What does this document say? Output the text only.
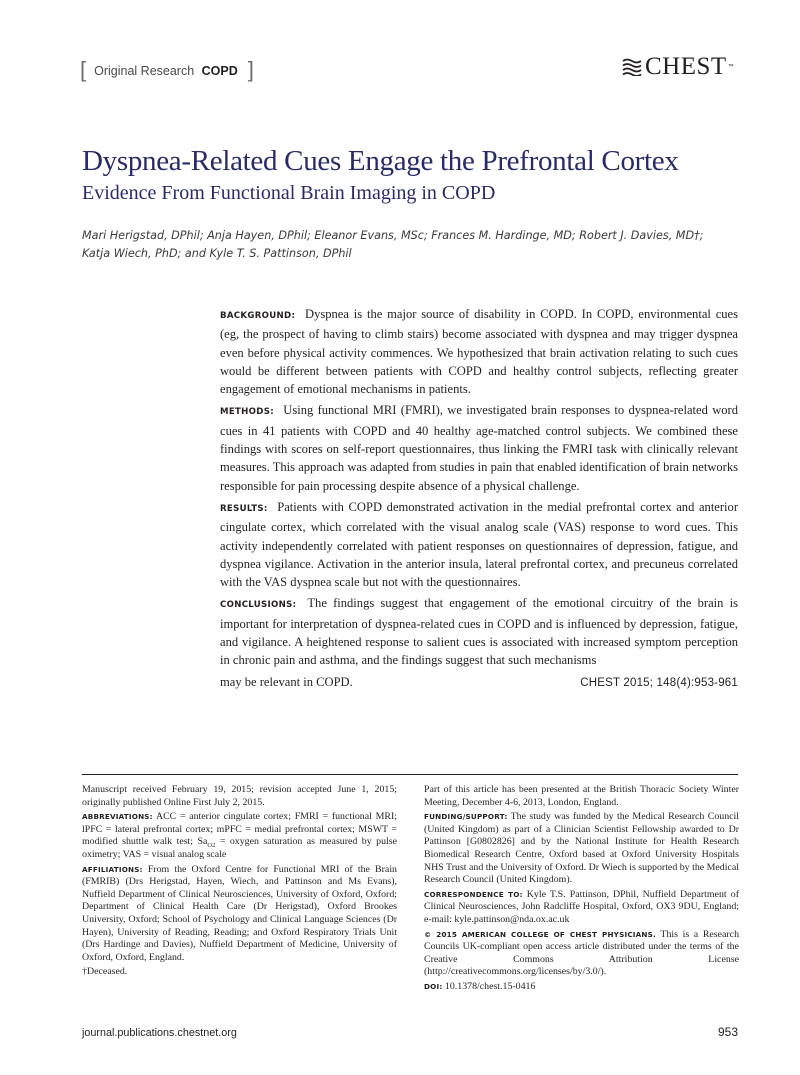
[ Original Research COPD ]	CHEST ™
Dyspnea-Related Cues Engage the Prefrontal Cortex
Evidence From Functional Brain Imaging in COPD
Mari Herigstad, DPhil; Anja Hayen, DPhil; Eleanor Evans, MSc; Frances M. Hardinge, MD; Robert J. Davies, MD†;
Katja Wiech, PhD; and Kyle T. S. Pattinson, DPhil

BACKGROUND: Dyspnea is the major source of disability in COPD. In COPD, environmental cues (eg, the prospect of having to climb stairs) become associated with dyspnea and may trigger dyspnea even before physical activity commences. We hypothesized that brain activation relating to such cues would be different between patients with COPD and healthy control subjects, reflecting greater engagement of emotional mechanisms in patients.

METHODS: Using functional MRI (FMRI), we investigated brain responses to dyspnea-related word cues in 41 patients with COPD and 40 healthy age-matched control subjects. We combined these findings with scores on self-report questionnaires, thus linking the FMRI task with clinically relevant measures. This approach was adapted from studies in pain that enabled identification of brain networks responsible for pain processing despite absence of a physical challenge.

RESULTS: Patients with COPD demonstrated activation in the medial prefrontal cortex and anterior cingulate cortex, which correlated with the visual analog scale (VAS) response to word cues. This activity independently correlated with patient responses on questionnaires of depression, fatigue, and dyspnea vigilance. Activation in the anterior insula, lateral prefrontal cortex, and precuneus correlated with the VAS dyspnea scale but not with the questionnaires.

CONCLUSIONS: The findings suggest that engagement of the emotional circuitry of the brain is important for interpretation of dyspnea-related cues in COPD and is influenced by depression, fatigue, and vigilance. A heightened response to salient cues is associated with increased symptom perception in chronic pain and asthma, and the findings suggest that such mechanisms

may be relevant in COPD.	CHEST 2015; 148(4):953-961

Manuscript received February 19, 2015; revision accepted June 1, 2015; originally published Online First July 2, 2015.

ABBREVIATIONS: ACC = anterior cingulate cortex; FMRI = functional MRI; lPFC = lateral prefrontal cortex; mPFC = medial prefrontal cortex; MSWT = modified shuttle walk test; $Sa_{O2}$ = oxygen saturation as measured by pulse oximetry; VAS = visual analog scale

AFFILIATIONS: From the Oxford Centre for Functional MRI of the Brain (FMRIB) (Drs Herigstad, Hayen, Wiech, and Pattinson and Ms Evans), Nuffield Department of Clinical Neurosciences, University of Oxford, Oxford; Department of Clinical Health Care (Dr Herigstad), Oxford Brookes University, Oxford; School of Psychology and Clinical Language Sciences (Dr Hayen), University of Reading, Reading; and Oxford Respiratory Trials Unit (Drs Hardinge and Davies), Nuffield Department of Medicine, University of Oxford, Oxford, England.

†Deceased.

Part of this article has been presented at the British Thoracic Society Winter Meeting, December 4-6, 2013, London, England.

FUNDING/SUPPORT: The study was funded by the Medical Research Council (United Kingdom) as part of a Clinician Scientist Fellowship awarded to Dr Pattinson [G0802826] and by the National Institute for Health Research Biomedical Research Centre, Oxford based at Oxford University Hospitals NHS Trust and the University of Oxford. Dr Wiech is supported by the Medical Research Council (United Kingdom).

CORRESPONDENCE TO: Kyle T.S. Pattinson, DPhil, Nuffield Department of Clinical Neurosciences, John Radcliffe Hospital, Oxford, OX3 9DU, England; e-mail: kyle.pattinson@nda.ox.ac.uk

© 2015 AMERICAN COLLEGE OF CHEST PHYSICIANS. This is a Research Councils UK-compliant open access article distributed under the terms of the Creative Commons Attribution License (http://creativecommons.org/licenses/by/3.0/).

DOI: 10.1378/chest.15-0416

journal.publications.chestnet.org	953
